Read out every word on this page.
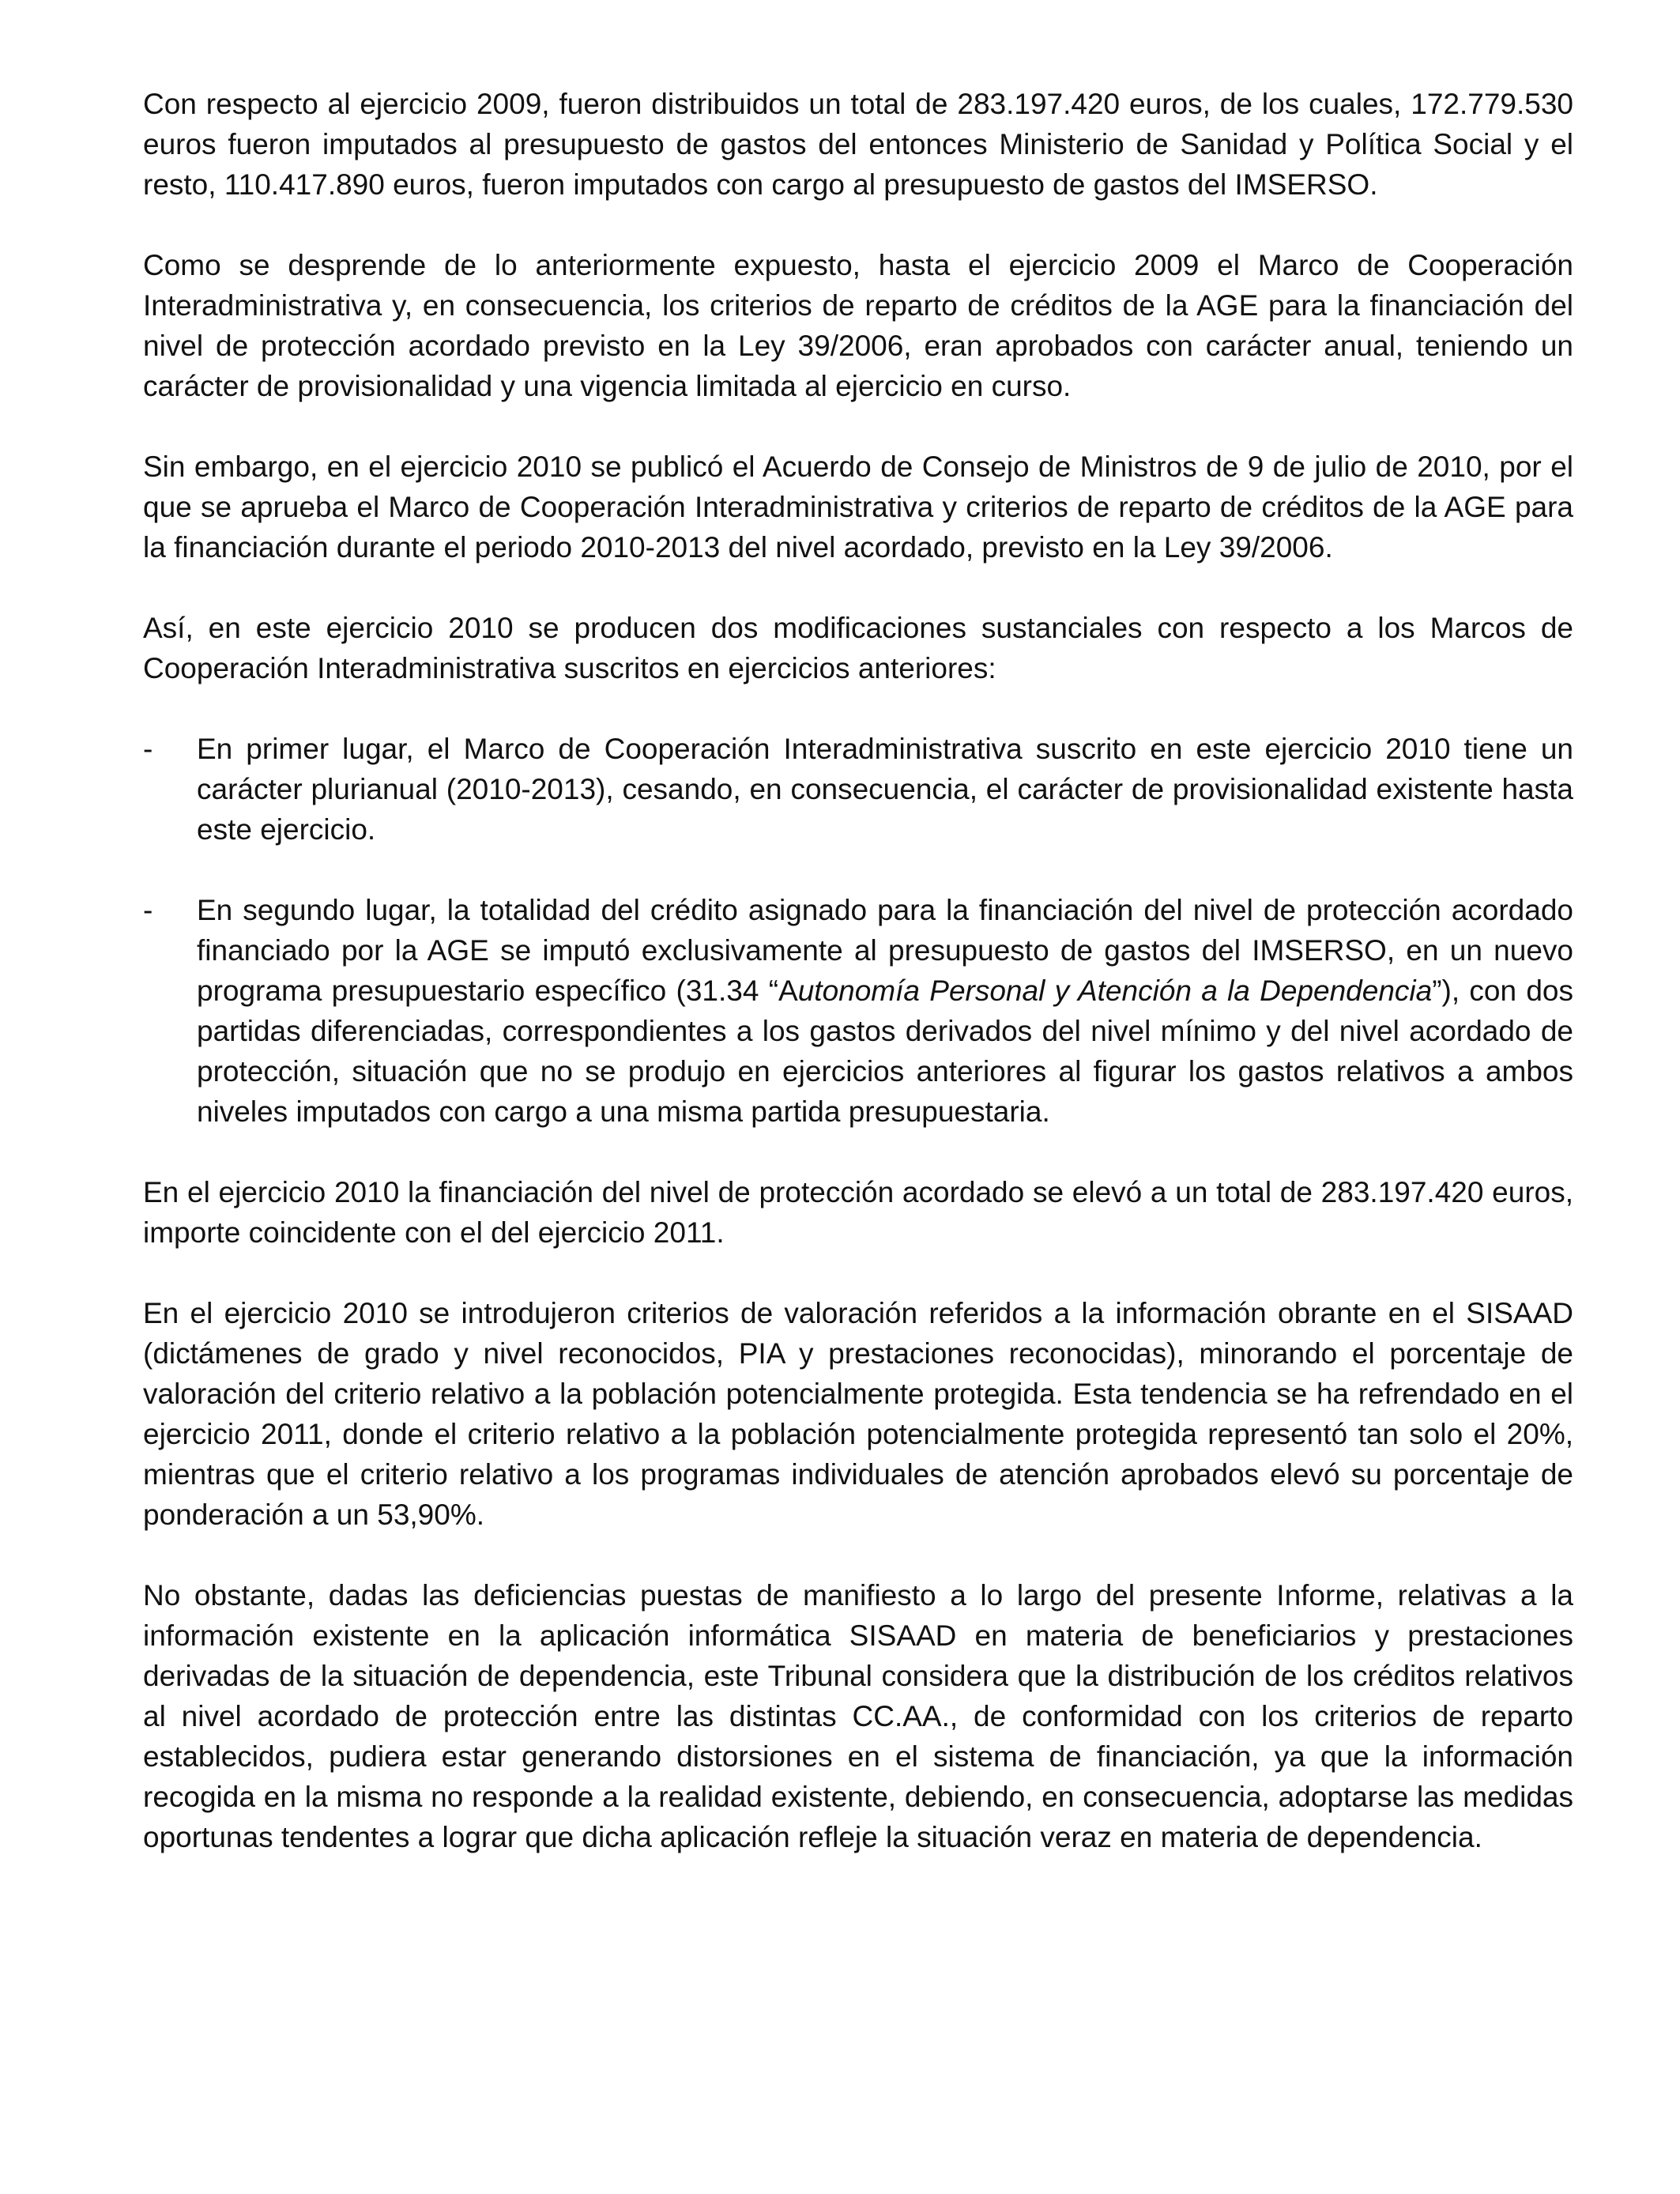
Con respecto al ejercicio 2009, fueron distribuidos un total de 283.197.420 euros, de los cuales, 172.779.530 euros fueron imputados al presupuesto de gastos del entonces Ministerio de Sanidad y Política Social y el resto, 110.417.890 euros, fueron imputados con cargo al presupuesto de gastos del IMSERSO.

Como se desprende de lo anteriormente expuesto, hasta el ejercicio 2009 el Marco de Cooperación Interadministrativa y, en consecuencia, los criterios de reparto de créditos de la AGE para la financiación del nivel de protección acordado previsto en la Ley 39/2006, eran aprobados con carácter anual, teniendo un carácter de provisionalidad y una vigencia limitada al ejercicio en curso.

Sin embargo, en el ejercicio 2010 se publicó el Acuerdo de Consejo de Ministros de 9 de julio de 2010, por el que se aprueba el Marco de Cooperación Interadministrativa y criterios de reparto de créditos de la AGE para la financiación durante el periodo 2010-2013 del nivel acordado, previsto en la Ley 39/2006.

Así, en este ejercicio 2010 se producen dos modificaciones sustanciales con respecto a los Marcos de Cooperación Interadministrativa suscritos en ejercicios anteriores:

- En primer lugar, el Marco de Cooperación Interadministrativa suscrito en este ejercicio 2010 tiene un carácter plurianual (2010-2013), cesando, en consecuencia, el carácter de provisionalidad existente hasta este ejercicio.
- En segundo lugar, la totalidad del crédito asignado para la financiación del nivel de protección acordado financiado por la AGE se imputó exclusivamente al presupuesto de gastos del IMSERSO, en un nuevo programa presupuestario específico (31.34 “Autonomía Personal y Atención a la Dependencia”), con dos partidas diferenciadas, correspondientes a los gastos derivados del nivel mínimo y del nivel acordado de protección, situación que no se produjo en ejercicios anteriores al figurar los gastos relativos a ambos niveles imputados con cargo a una misma partida presupuestaria.

En el ejercicio 2010 la financiación del nivel de protección acordado se elevó a un total de 283.197.420 euros, importe coincidente con el del ejercicio 2011.

En el ejercicio 2010 se introdujeron criterios de valoración referidos a la información obrante en el SISAAD (dictámenes de grado y nivel reconocidos, PIA y prestaciones reconocidas), minorando el porcentaje de valoración del criterio relativo a la población potencialmente protegida. Esta tendencia se ha refrendado en el ejercicio 2011, donde el criterio relativo a la población potencialmente protegida representó tan solo el 20%, mientras que el criterio relativo a los programas individuales de atención aprobados elevó su porcentaje de ponderación a un 53,90%.

No obstante, dadas las deficiencias puestas de manifiesto a lo largo del presente Informe, relativas a la información existente en la aplicación informática SISAAD en materia de beneficiarios y prestaciones derivadas de la situación de dependencia, este Tribunal considera que la distribución de los créditos relativos al nivel acordado de protección entre las distintas CC.AA., de conformidad con los criterios de reparto establecidos, pudiera estar generando distorsiones en el sistema de financiación, ya que la información recogida en la misma no responde a la realidad existente, debiendo, en consecuencia, adoptarse las medidas oportunas tendentes a lograr que dicha aplicación refleje la situación veraz en materia de dependencia.
